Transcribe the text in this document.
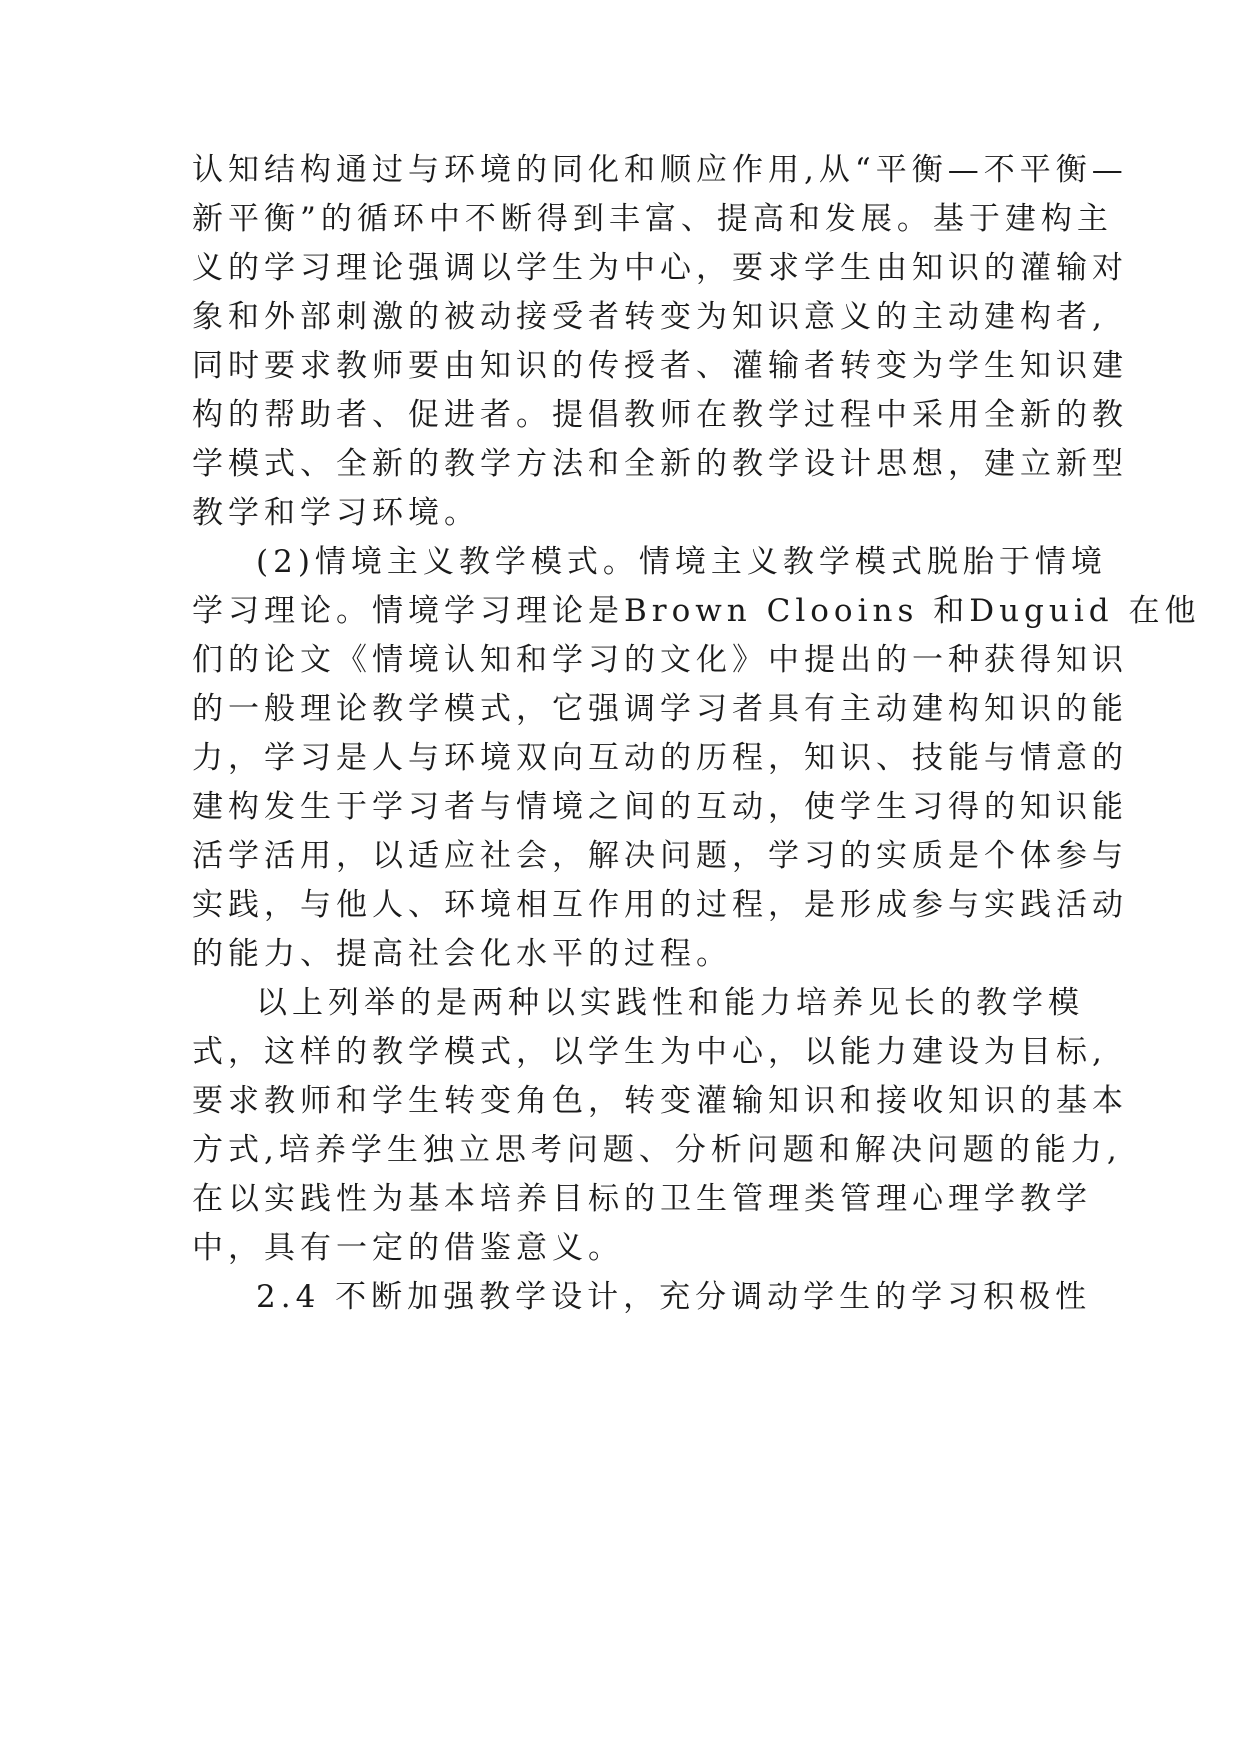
认知结构通过与环境的同化和顺应作用,从“平衡—不平衡—
新平衡”的循环中不断得到丰富、提高和发展。基于建构主
义的学习理论强调以学生为中心，要求学生由知识的灌输对
象和外部刺激的被动接受者转变为知识意义的主动建构者,
同时要求教师要由知识的传授者、灌输者转变为学生知识建
构的帮助者、促进者。提倡教师在教学过程中采用全新的教
学模式、全新的教学方法和全新的教学设计思想，建立新型
教学和学习环境。
(2)情境主义教学模式。情境主义教学模式脱胎于情境
学习理论。情境学习理论是Brown Clooins 和Duguid 在他
们的论文《情境认知和学习的文化》中提出的一种获得知识
的一般理论教学模式，它强调学习者具有主动建构知识的能
力，学习是人与环境双向互动的历程，知识、技能与情意的
建构发生于学习者与情境之间的互动，使学生习得的知识能
活学活用，以适应社会，解决问题，学习的实质是个体参与
实践，与他人、环境相互作用的过程，是形成参与实践活动
的能力、提高社会化水平的过程。
以上列举的是两种以实践性和能力培养见长的教学模
式，这样的教学模式，以学生为中心，以能力建设为目标,
要求教师和学生转变角色，转变灌输知识和接收知识的基本
方式,培养学生独立思考问题、分析问题和解决问题的能力,
在以实践性为基本培养目标的卫生管理类管理心理学教学
中，具有一定的借鉴意义。
2.4 不断加强教学设计，充分调动学生的学习积极性
